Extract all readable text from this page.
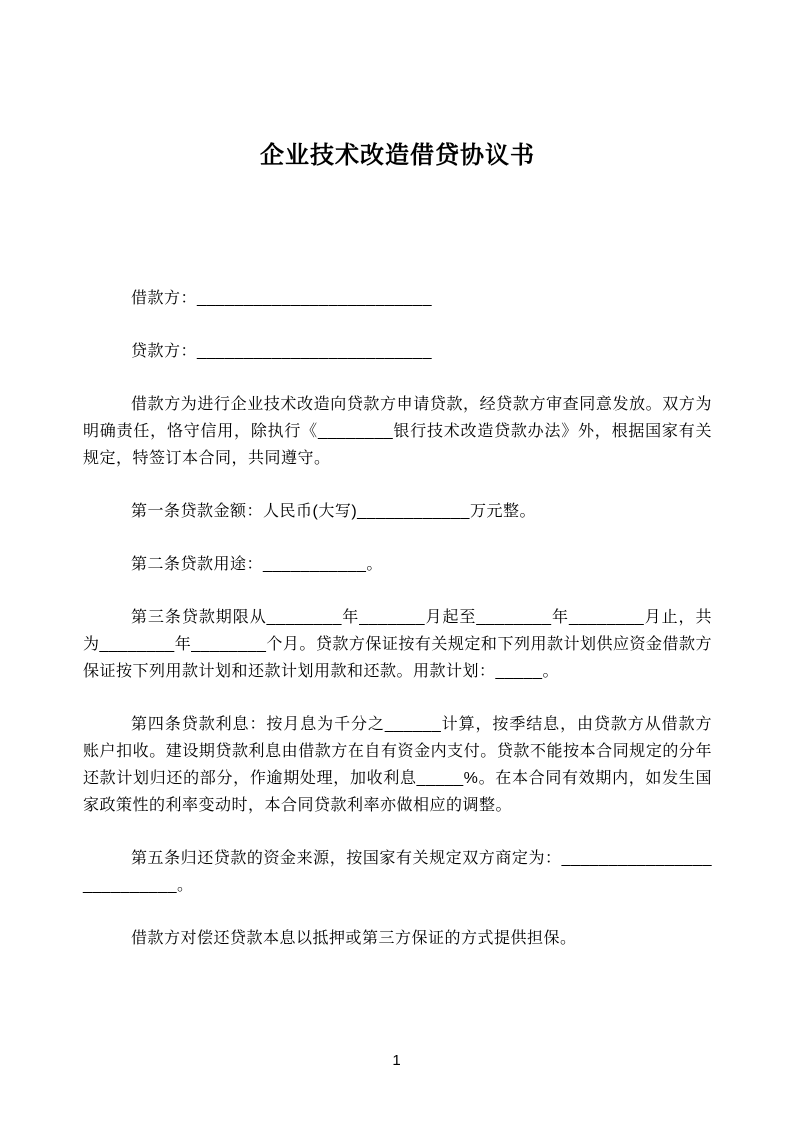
企业技术改造借贷协议书

借款方：_________________________

贷款方：_________________________

借款方为进行企业技术改造向贷款方申请贷款，经贷款方审查同意发放。双方为明确责任，恪守信用，除执行《________银行技术改造贷款办法》外，根据国家有关规定，特签订本合同，共同遵守。

第一条贷款金额：人民币(大写)____________万元整。

第二条贷款用途：___________。

第三条贷款期限从________年_______月起至________年________月止，共为________年________个月。贷款方保证按有关规定和下列用款计划供应资金借款方保证按下列用款计划和还款计划用款和还款。用款计划：_____。

第四条贷款利息：按月息为千分之______计算，按季结息，由贷款方从借款方账户扣收。建设期贷款利息由借款方在自有资金内支付。贷款不能按本合同规定的分年还款计划归还的部分，作逾期处理，加收利息_____%。在本合同有效期内，如发生国家政策性的利率变动时，本合同贷款利率亦做相应的调整。

第五条归还贷款的资金来源，按国家有关规定双方商定为：________________ __________。

借款方对偿还贷款本息以抵押或第三方保证的方式提供担保。

1
